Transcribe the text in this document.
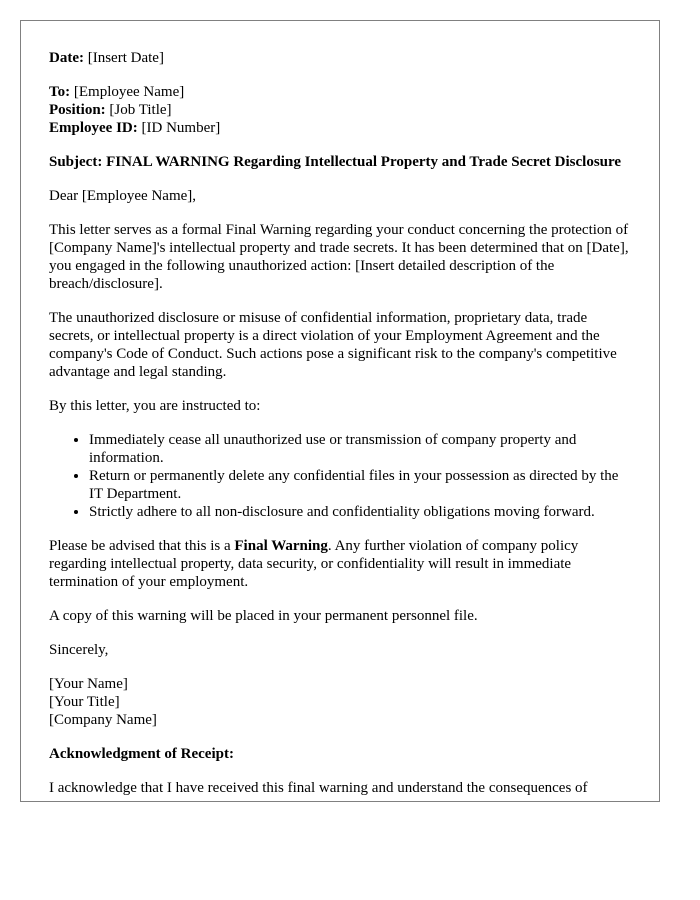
Date: [Insert Date]

To: [Employee Name]

Position: [Job Title]

Employee ID: [ID Number]

Subject: FINAL WARNING Regarding Intellectual Property and Trade Secret Disclosure

Dear [Employee Name],

This letter serves as a formal Final Warning regarding your conduct concerning the protection of [Company Name]'s intellectual property and trade secrets. It has been determined that on [Date], you engaged in the following unauthorized action: [Insert detailed description of the breach/disclosure].

The unauthorized disclosure or misuse of confidential information, proprietary data, trade secrets, or intellectual property is a direct violation of your Employment Agreement and the company's Code of Conduct. Such actions pose a significant risk to the company's competitive advantage and legal standing.

By this letter, you are instructed to:

• Immediately cease all unauthorized use or transmission of company property and information.
• Return or permanently delete any confidential files in your possession as directed by the IT Department.
• Strictly adhere to all non-disclosure and confidentiality obligations moving forward.

Please be advised that this is a Final Warning. Any further violation of company policy regarding intellectual property, data security, or confidentiality will result in immediate termination of your employment.

A copy of this warning will be placed in your permanent personnel file.

Sincerely,

[Your Name]

[Your Title]

[Company Name]

Acknowledgment of Receipt:

I acknowledge that I have received this final warning and understand the consequences of
